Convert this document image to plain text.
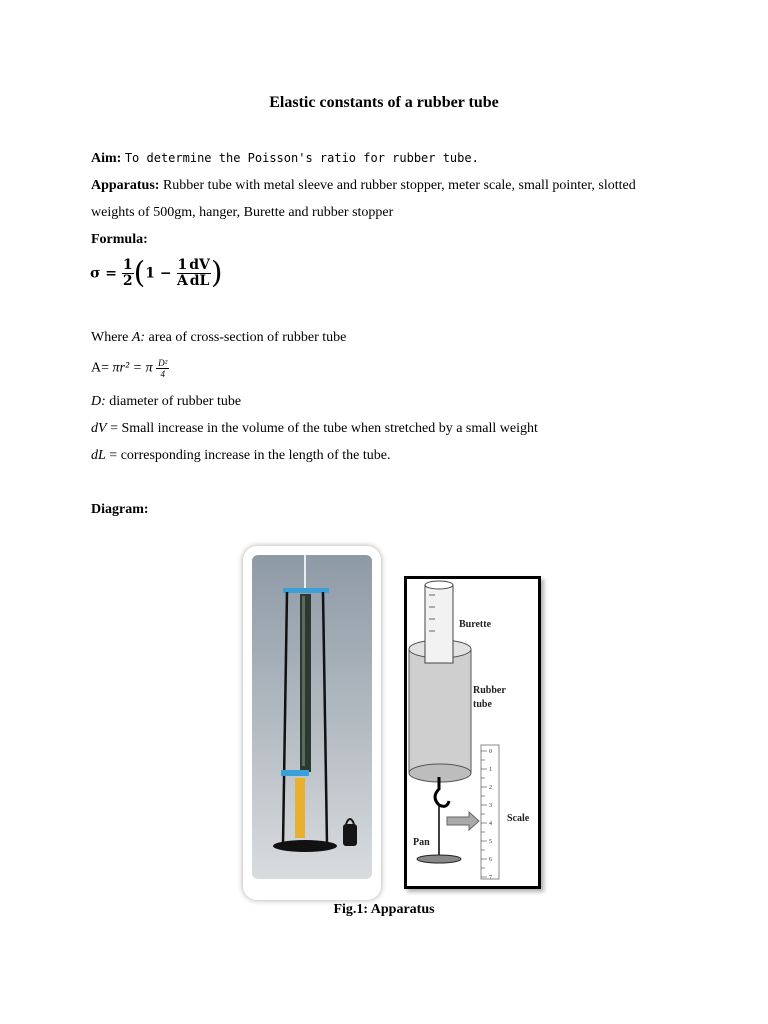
Elastic constants of a rubber tube
Aim: To determine the Poisson's ratio for rubber tube.
Apparatus: Rubber tube with metal sleeve and rubber stopper, meter scale, small pointer, slotted
weights of 500gm, hanger, Burette and rubber stopper
Formula:
$\sigma = \frac{1}{2} (1 - \frac{1}{A} \frac{dV}{dL}$ )
Where A: area of cross-section of rubber tube
A= πr² = π $\frac{\text{D²}}{4}$
D: diameter of rubber tube
dV = Small increase in the volume of the tube when stretched by a small weight
dL = corresponding increase in the length of the tube.
Diagram:
0
1
2
3
4
5
6
7
Burette
Rubber
tube
Scale
Pan
Fig.1: Apparatus
